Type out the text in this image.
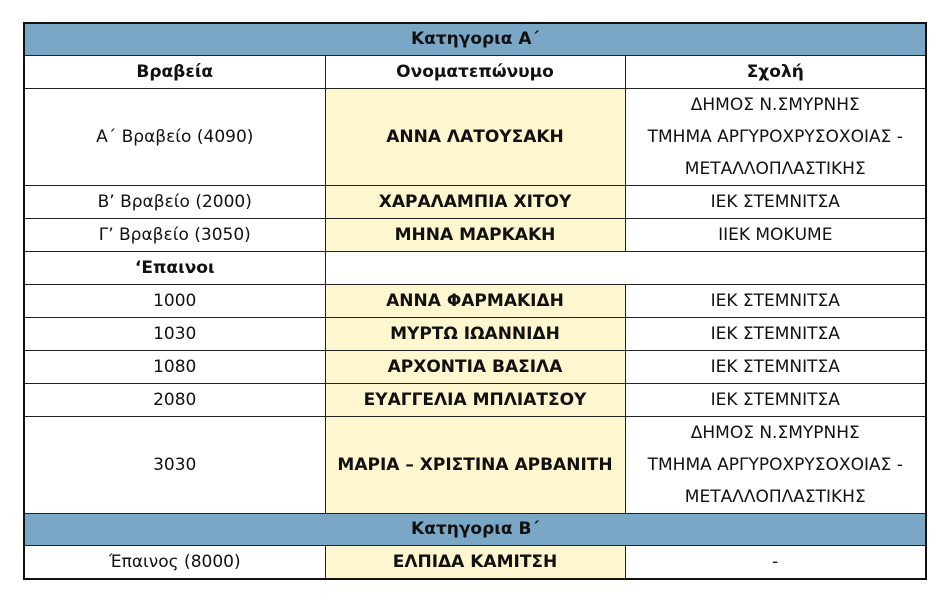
Κατηγορια Α΄		
Βραβεία	Ονοματεπώνυμο	Σχολή
Α΄ Βραβείο (4090)	ΑΝΝΑ ΛΑΤΟΥΣΑΚΗ	ΔΗΜΟΣ Ν.ΣΜΥΡΝΗΣ
ΤΜΗΜΑ ΑΡΓΥΡΟΧΡΥΣΟΧΟΙΑΣ -
ΜΕΤΑΛΛΟΠΛΑΣΤΙΚΗΣ

Β’ Βραβείο (2000)	ΧΑΡΑΛΑΜΠΙΑ ΧΙΤΟΥ	ΙΕΚ ΣΤΕΜΝΙΤΣΑ
Γ’ Βραβείο (3050)	ΜΗΝΑ ΜΑΡΚΑΚΗ	ΙΙΕΚ ΜΟΚUΜΕ
‘Επαινοι		
1000	ΑΝΝΑ ΦΑΡΜΑΚΙΔΗ	ΙΕΚ ΣΤΕΜΝΙΤΣΑ
1030	ΜΥΡΤΩ ΙΩΑΝΝΙΔΗ	ΙΕΚ ΣΤΕΜΝΙΤΣΑ
1080	ΑΡΧΟΝΤΙΑ ΒΑΣΙΛΑ	ΙΕΚ ΣΤΕΜΝΙΤΣΑ
2080	ΕΥΑΓΓΕΛΙΑ ΜΠΛΙΑΤΣΟΥ	ΙΕΚ ΣΤΕΜΝΙΤΣΑ
3030	ΜΑΡΙΑ – ΧΡΙΣΤΙΝΑ ΑΡΒΑΝΙΤΗ	ΔΗΜΟΣ Ν.ΣΜΥΡΝΗΣ
ΤΜΗΜΑ ΑΡΓΥΡΟΧΡΥΣΟΧΟΙΑΣ -
ΜΕΤΑΛΛΟΠΛΑΣΤΙΚΗΣ

Κατηγορια Β΄		
Έπαινος (8000)	ΕΛΠΙΔΑ ΚΑΜΙΤΣΗ	-
